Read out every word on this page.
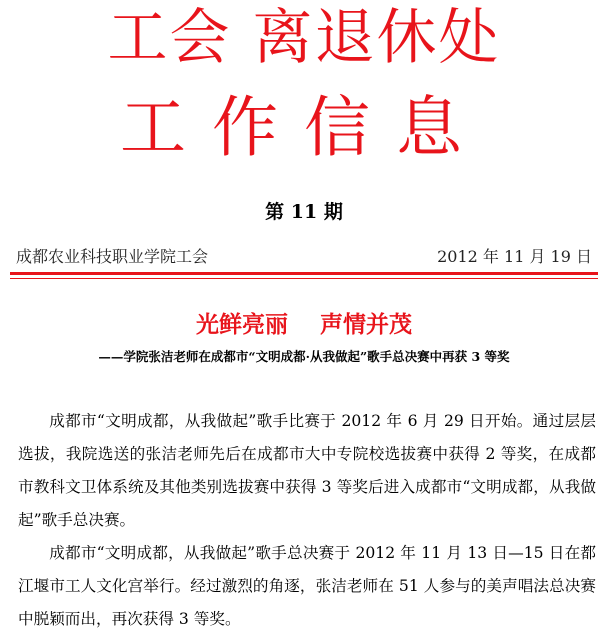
工会 离退休处
工作信息
第 11 期
成都农业科技职业学院工会	2012 年 11 月 19 日
光鲜亮丽    声情并茂
——学院张洁老师在成都市“文明成都·从我做起”歌手总决赛中再获 3 等奖

成都市“文明成都，从我做起”歌手比赛于 2012 年 6 月 29 日开始。通过层层选拔，我院选送的张洁老师先后在成都市大中专院校选拔赛中获得 2 等奖，在成都市教科文卫体系统及其他类别选拔赛中获得 3 等奖后进入成都市“文明成都，从我做起”歌手总决赛。

成都市“文明成都，从我做起”歌手总决赛于 2012 年 11 月 13 日—15 日在都江堰市工人文化宫举行。经过激烈的角逐，张洁老师在 51 人参与的美声唱法总决赛中脱颖而出，再次获得 3 等奖。
